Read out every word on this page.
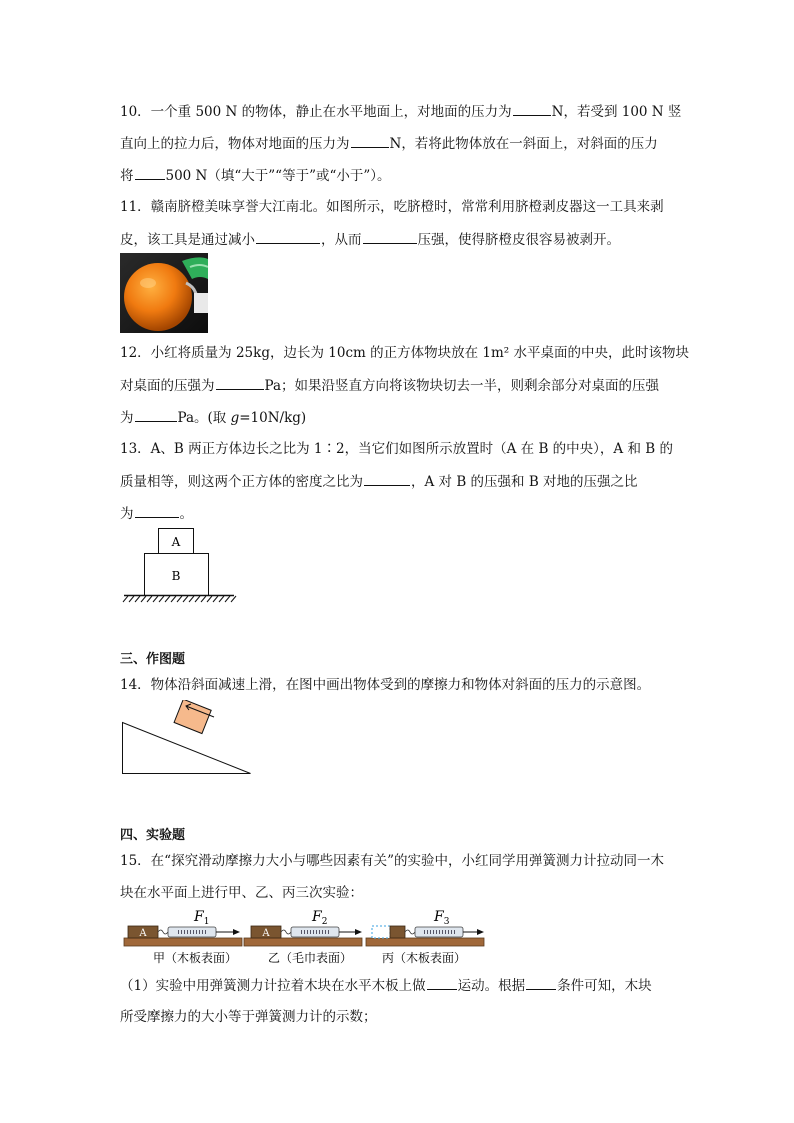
10．一个重 500 N 的物体，静止在水平地面上，对地面的压力为	N，若受到 100 N 竖
直向上的拉力后，物体对地面的压力为	N，若将此物体放在一斜面上，对斜面的压力
将 500 N（填“大于”“等于”或“小于”）。
11．赣南脐橙美味享誉大江南北。如图所示，吃脐橙时，常常利用脐橙剥皮器这一工具来剥
皮，该工具是通过减小	，从而	压强，使得脐橙皮很容易被剥开。
12．小红将质量为 25kg，边长为 10cm 的正方体物块放在 1m² 水平桌面的中央，此时该物块
对桌面的压强为	Pa；如果沿竖直方向将该物块切去一半，则剩余部分对桌面的压强
为	Pa。(取 g=10N/kg)
13．A、B 两正方体边长之比为 1∶2，当它们如图所示放置时（A 在 B 的中央），A 和 B 的
质量相等，则这两个正方体的密度之比为	，A 对 B 的压强和 B 对地的压强之比
为	。
A
B
三、作图题
14．物体沿斜面减速上滑，在图中画出物体受到的摩擦力和物体对斜面的压力的示意图。
四、实验题
15．在“探究滑动摩擦力大小与哪些因素有关”的实验中，小红同学用弹簧测力计拉动同一木
块在水平面上进行甲、乙、丙三次实验：
A
$F_1$
甲（木板表面）
A
$F_2$
乙（毛巾表面）
$F_3$
丙（木板表面）
（1）实验中用弹簧测力计拉着木块在水平木板上做 运动。根据 条件可知，木块
所受摩擦力的大小等于弹簧测力计的示数；
